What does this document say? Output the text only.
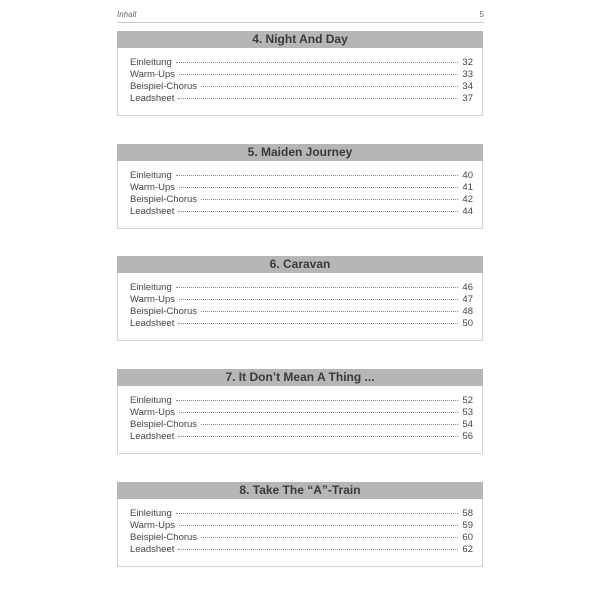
Inhalt	5
4. Night And Day
Einleitung	32
Warm-Ups	33
Beispiel-Chorus	34
Leadsheet	37
5. Maiden Journey
Einleitung	40
Warm-Ups	41
Beispiel-Chorus	42
Leadsheet	44
6. Caravan
Einleitung	46
Warm-Ups	47
Beispiel-Chorus	48
Leadsheet	50
7. It Don’t Mean A Thing ...
Einleitung	52
Warm-Ups	53
Beispiel-Chorus	54
Leadsheet	56
8. Take The “A”-Train
Einleitung	58
Warm-Ups	59
Beispiel-Chorus	60
Leadsheet	62
